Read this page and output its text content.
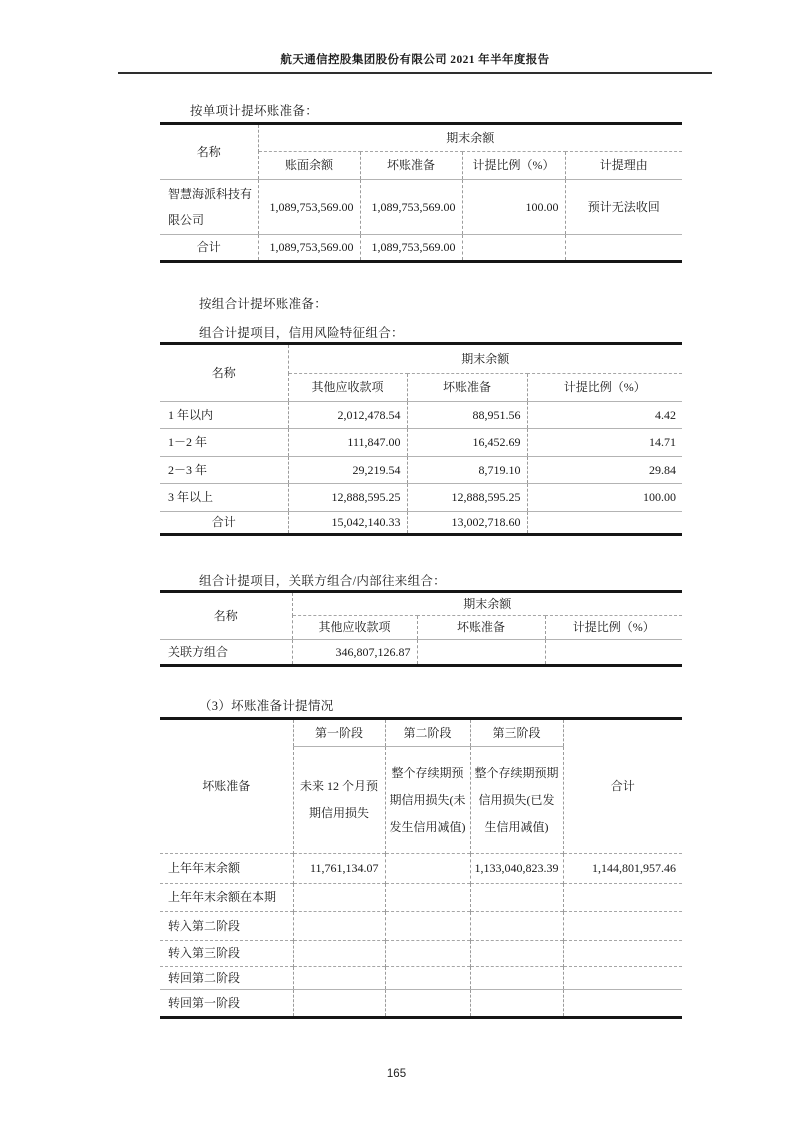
航天通信控股集团股份有限公司 2021 年半年度报告
按单项计提坏账准备：
名称	期末余额			
	账面余额	坏账准备	计提比例（%）	计提理由
智慧海派科技有限公司	1,089,753,569.00	1,089,753,569.00	100.00	预计无法收回
合计	1,089,753,569.00	1,089,753,569.00		
按组合计提坏账准备：
组合计提项目，信用风险特征组合：
名称	期末余额		
	其他应收款项	坏账准备	计提比例（%）
1 年以内	2,012,478.54	88,951.56	4.42
1－2 年	111,847.00	16,452.69	14.71
2－3 年	29,219.54	8,719.10	29.84
3 年以上	12,888,595.25	12,888,595.25	100.00
合计	15,042,140.33	13,002,718.60	
组合计提项目，关联方组合/内部往来组合：
名称	期末余额		
	其他应收款项	坏账准备	计提比例（%）
关联方组合	346,807,126.87		
（3）坏账准备计提情况
坏账准备	第一阶段	第二阶段	第三阶段	合计
	未来 12 个月预期信用损失	整个存续期预期信用损失(未发生信用减值)	整个存续期预期信用损失(已发生信用减值)	
上年年末余额	11,761,134.07		1,133,040,823.39	1,144,801,957.46
上年年末余额在本期				
转入第二阶段				
转入第三阶段				
转回第二阶段				
转回第一阶段				
165
